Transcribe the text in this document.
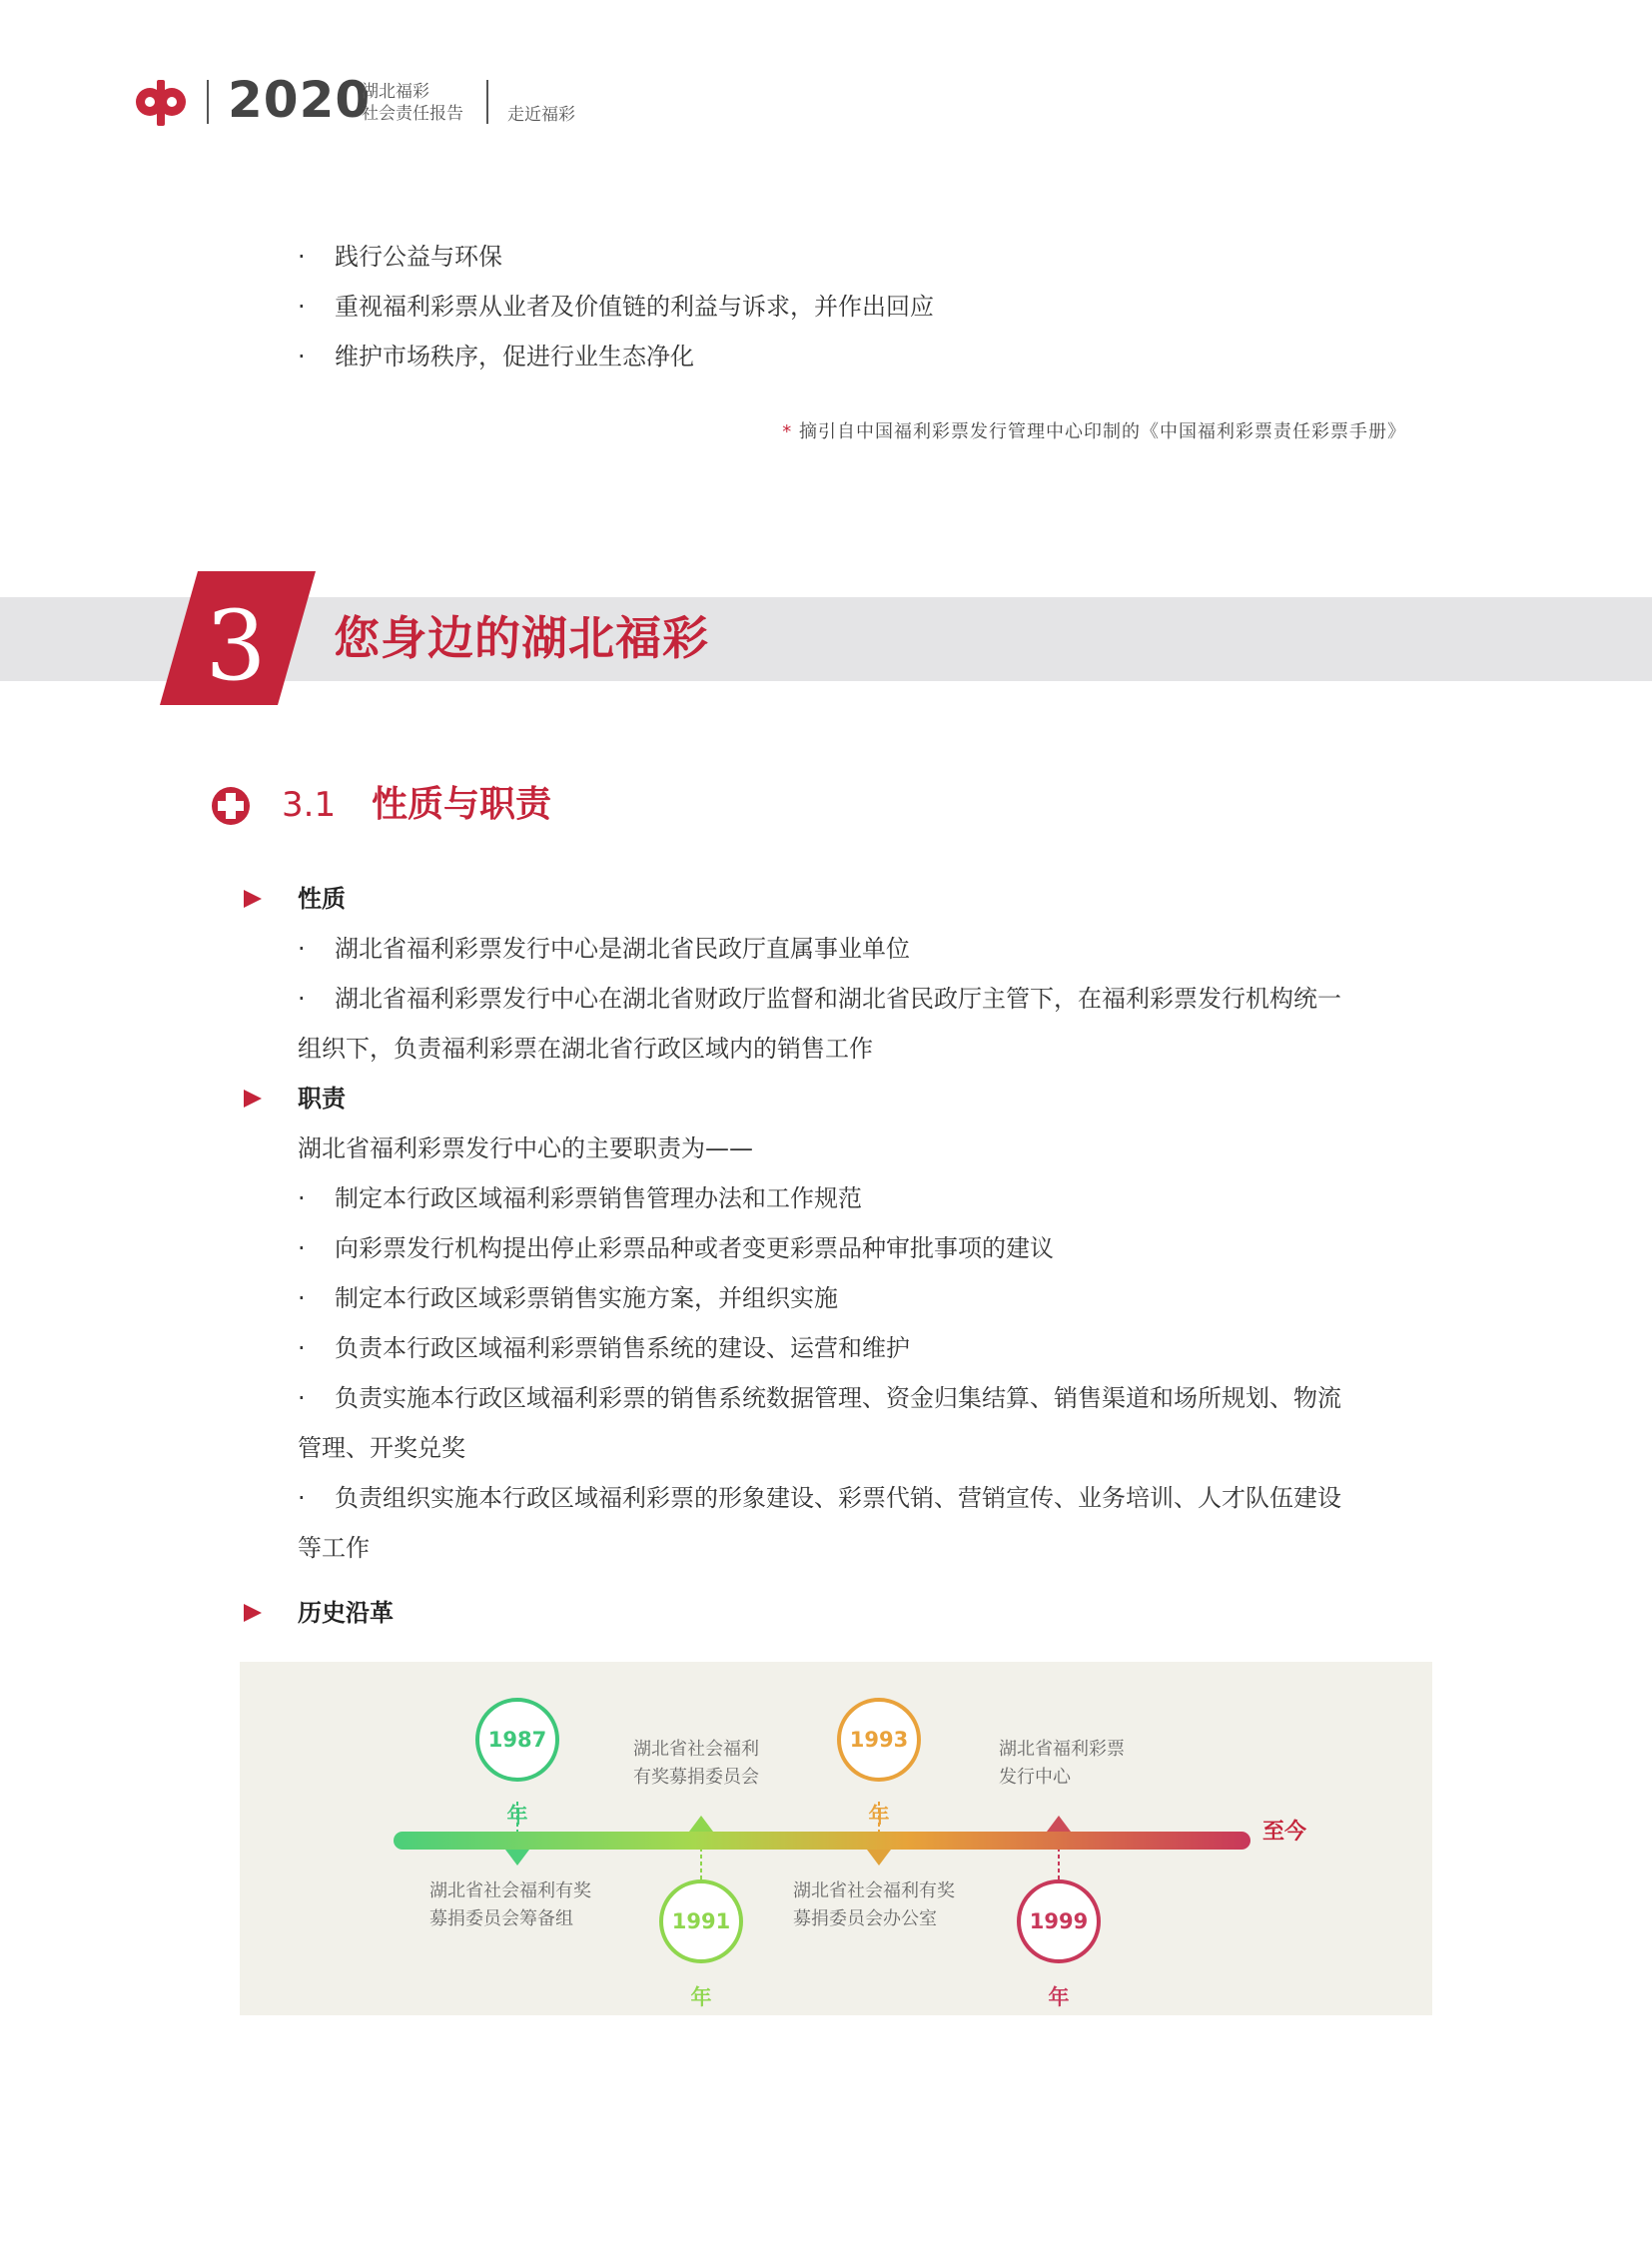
2020
湖北福彩
社会责任报告	走近福彩
· 践行公益与环保
· 重视福利彩票从业者及价值链的利益与诉求，并作出回应
· 维护市场秩序，促进行业生态净化
* 摘引自中国福利彩票发行管理中心印制的《中国福利彩票责任彩票手册》
3 您身边的湖北福彩
3.1 性质与职责
性质
· 湖北省福利彩票发行中心是湖北省民政厅直属事业单位
· 湖北省福利彩票发行中心在湖北省财政厅监督和湖北省民政厅主管下，在福利彩票发行机构统一
组织下，负责福利彩票在湖北省行政区域内的销售工作
职责
湖北省福利彩票发行中心的主要职责为——
· 制定本行政区域福利彩票销售管理办法和工作规范
· 向彩票发行机构提出停止彩票品种或者变更彩票品种审批事项的建议
· 制定本行政区域彩票销售实施方案，并组织实施
· 负责本行政区域福利彩票销售系统的建设、运营和维护
· 负责实施本行政区域福利彩票的销售系统数据管理、资金归集结算、销售渠道和场所规划、物流
管理、开奖兑奖
· 负责组织实施本行政区域福利彩票的形象建设、彩票代销、营销宣传、业务培训、人才队伍建设
等工作
历史沿革
1987年
1991年
1993年
1999年
湖北省社会福利有奖
募捐委员会筹备组
湖北省社会福利
有奖募捐委员会
湖北省社会福利有奖
募捐委员会办公室
湖北省福利彩票
发行中心
至今
